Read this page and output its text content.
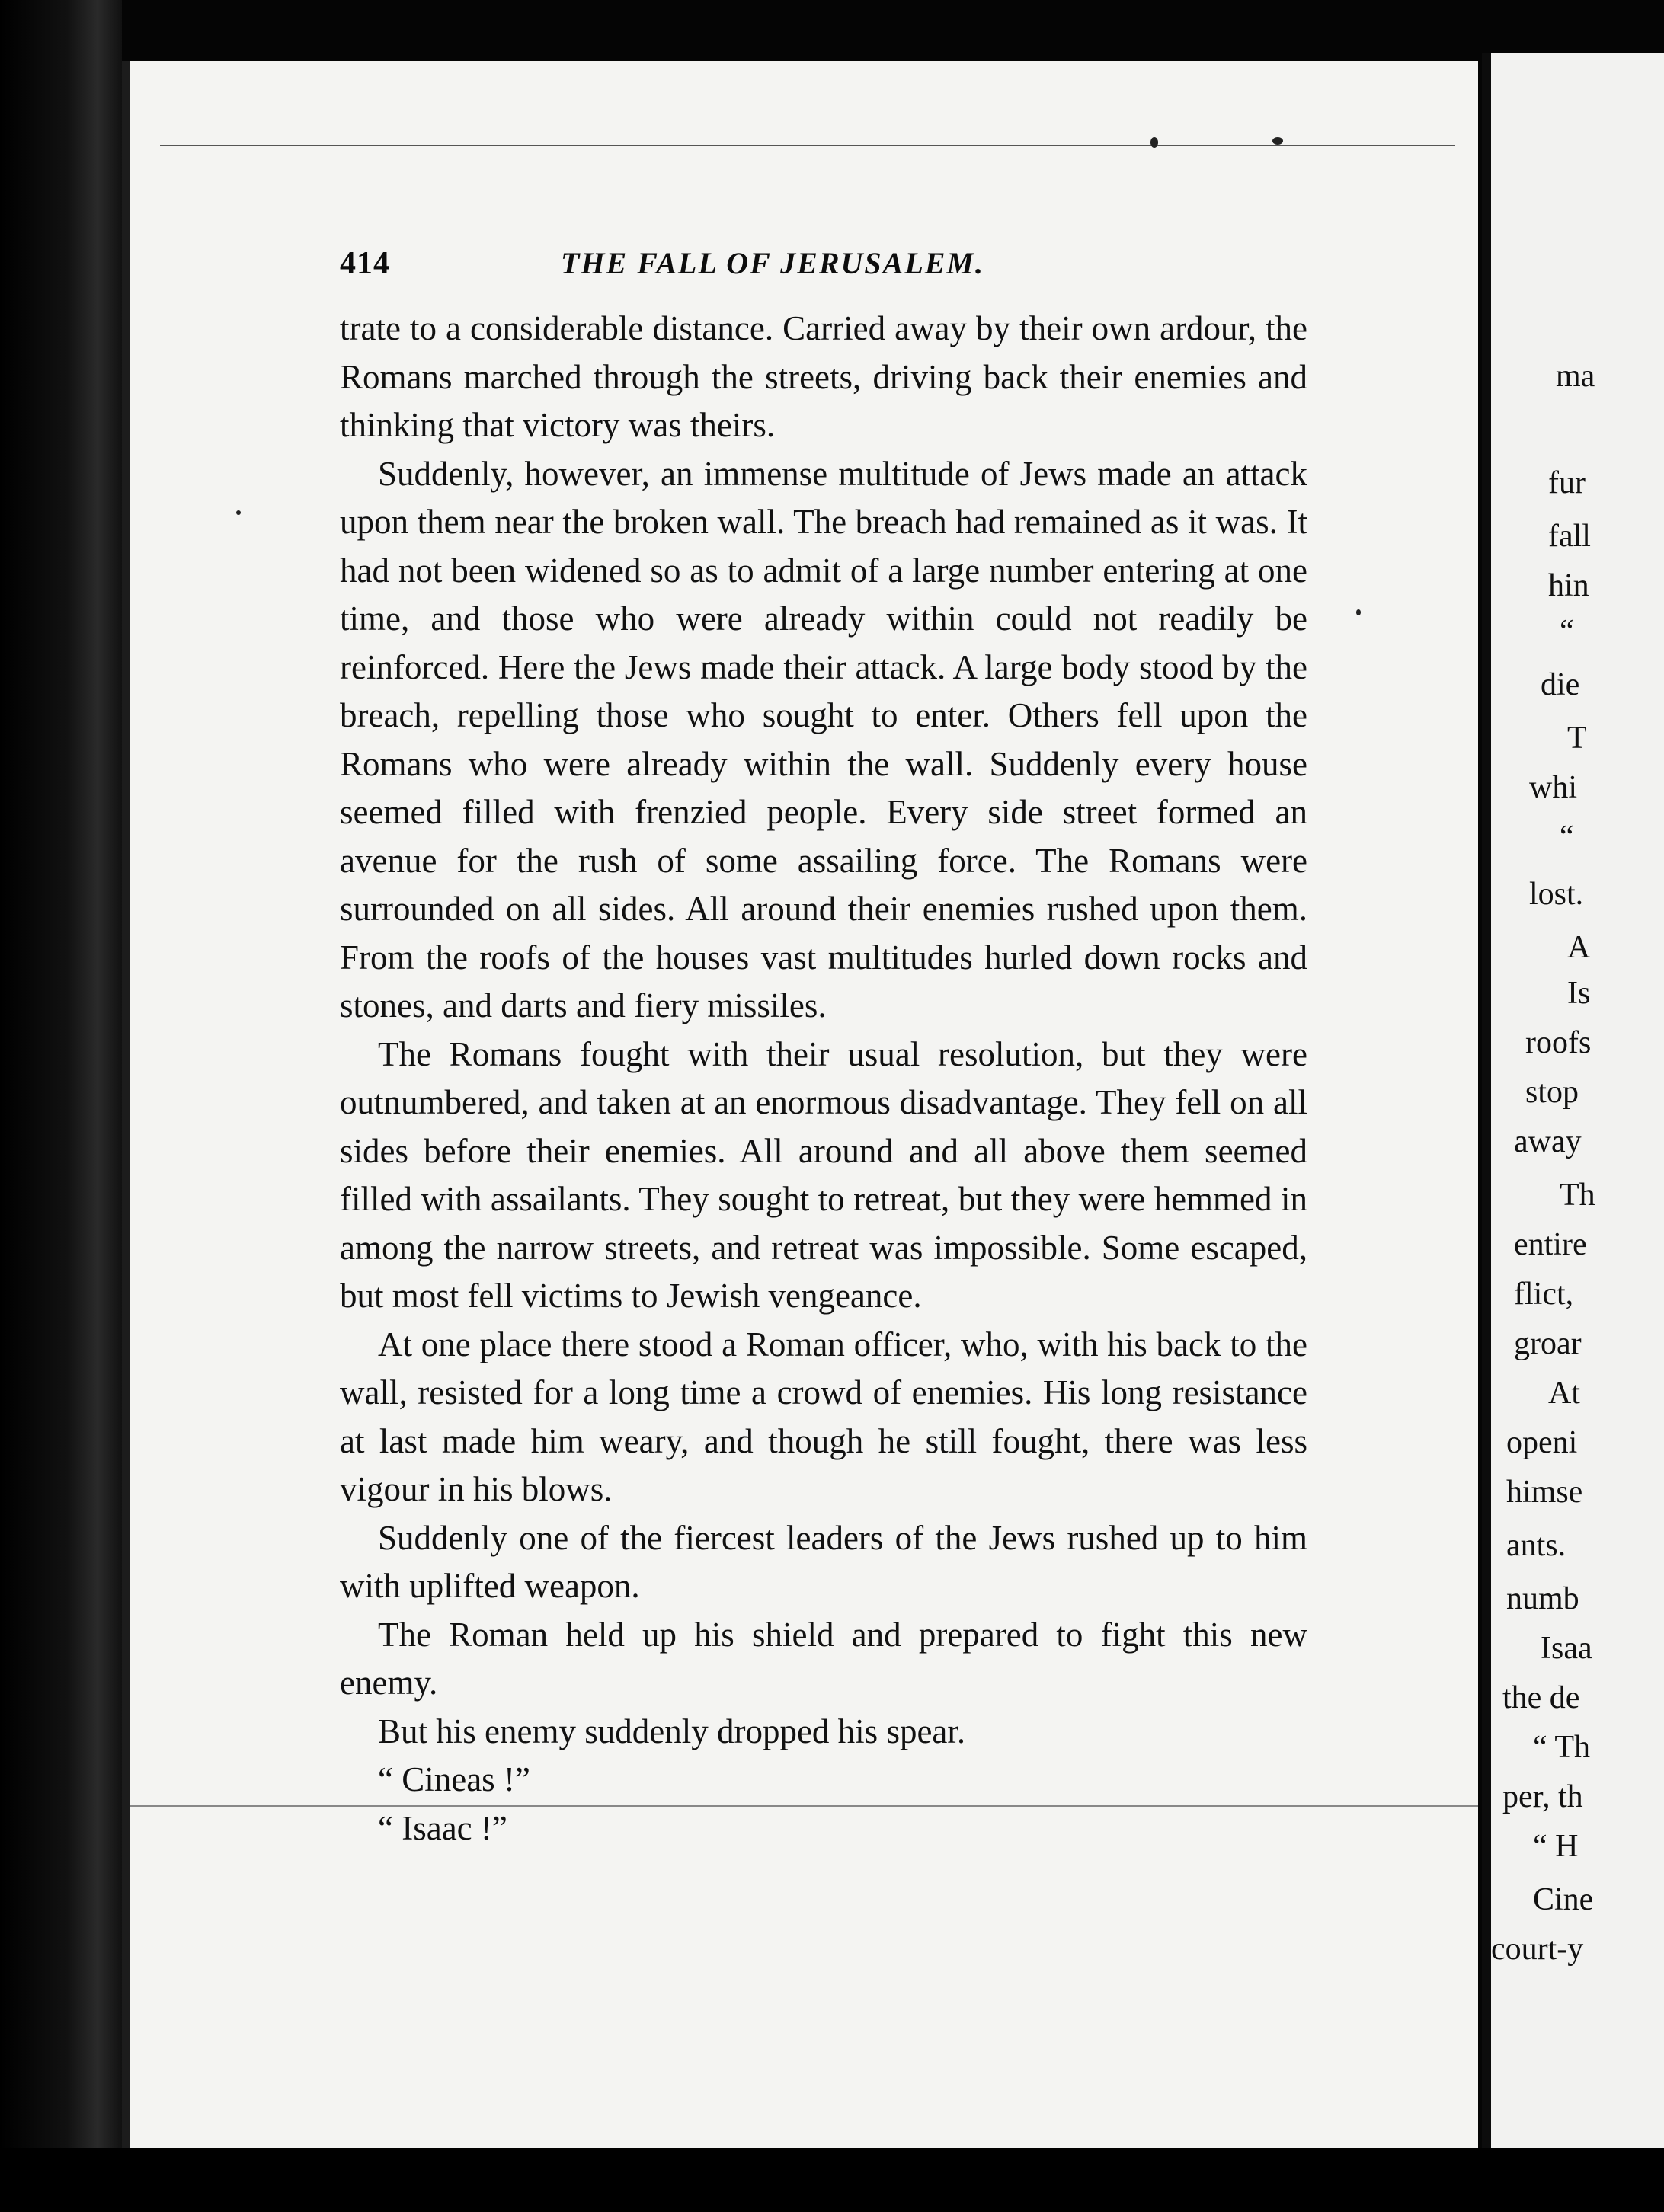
ma
fur
fall
hin
“
die
T
whi
“
lost.
A
Is
roofs
stop
away
Th
entire
flict,
groar
At
openi
himse
ants.
numb
Isaa
the de
“ Th
per, th
“ H
Cine
court-y
414	THE FALL OF JERUSALEM.

trate to a considerable distance. Carried away by their own ardour, the Romans marched through the streets, driving back their enemies and thinking that victory was theirs.

Suddenly, however, an immense multitude of Jews made an attack upon them near the broken wall. The breach had remained as it was. It had not been widened so as to admit of a large number entering at one time, and those who were already within could not readily be reinforced. Here the Jews made their attack. A large body stood by the breach, repelling those who sought to enter. Others fell upon the Romans who were already within the wall. Suddenly every house seemed filled with frenzied people. Every side street formed an avenue for the rush of some assailing force. The Romans were surrounded on all sides. All around their enemies rushed upon them. From the roofs of the houses vast multitudes hurled down rocks and stones, and darts and fiery missiles.

The Romans fought with their usual resolution, but they were outnumbered, and taken at an enormous disadvantage. They fell on all sides before their enemies. All around and all above them seemed filled with assailants. They sought to retreat, but they were hemmed in among the narrow streets, and retreat was impossible. Some escaped, but most fell victims to Jewish vengeance.

At one place there stood a Roman officer, who, with his back to the wall, resisted for a long time a crowd of enemies. His long resistance at last made him weary, and though he still fought, there was less vigour in his blows.

Suddenly one of the fiercest leaders of the Jews rushed up to him with uplifted weapon.

The Roman held up his shield and prepared to fight this new enemy.

But his enemy suddenly dropped his spear.

“ Cineas !”

“ Isaac !”
